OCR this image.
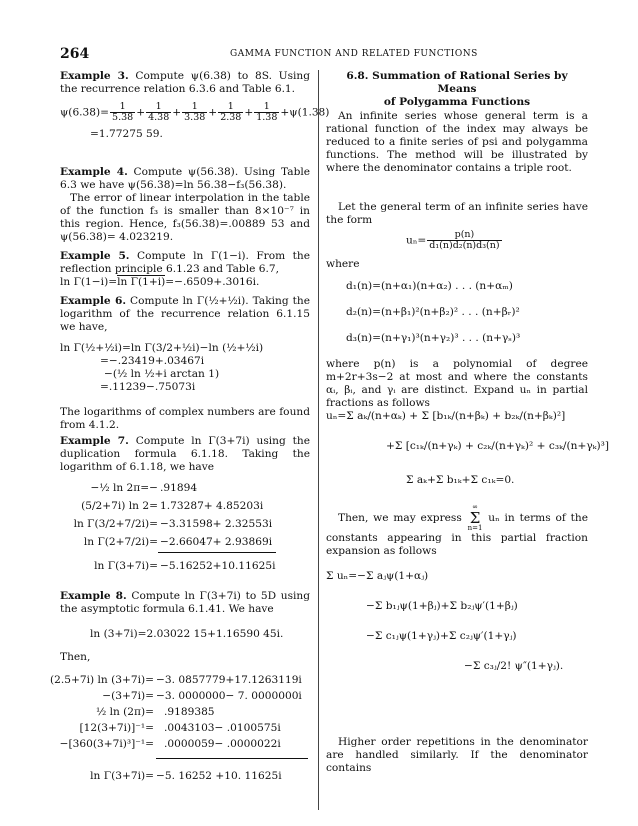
264	GAMMA FUNCTION AND RELATED FUNCTIONS
Example 3. Compute ψ(6.38) to 8S. Using the recurrence relation 6.3.6 and Table 6.1.
$\psi(6.38)= \frac{1}{5.38} + \frac{1}{4.38} + \frac{1}{3.38} + \frac{1}{2.38} + \frac{1}{1.38} +\psi(1.38)$
=1.77275 59.
Example 4. Compute ψ(56.38). Using Table 6.3 we have ψ(56.38)=ln 56.38−f₃(56.38).
The error of linear interpolation in the table of the function f₃ is smaller than 8×10⁻⁷ in this region. Hence, f₃(56.38)=.00889 53 and ψ(56.38)= 4.023219.
Example 5. Compute ln Γ(1−i). From the reflection principle 6.1.23 and Table 6.7,
ln Γ(1−i)=ln Γ(1+i)=−.6509+.3016i.
Example 6. Compute ln Γ(½+½i). Taking the logarithm of the recurrence relation 6.1.15 we have,
ln Γ(½+½i)=ln Γ(3/2+½i)−ln (½+½i)
=−.23419+.03467i
−(½ ln ½+i arctan 1)
=.11239−.75073i
The logarithms of complex numbers are found from 4.1.2.
Example 7. Compute ln Γ(3+7i) using the duplication formula 6.1.18. Taking the logarithm of 6.1.18, we have
−½ ln 2π=− .91894
(5/2+7i) ln 2= 1.73287+ 4.85203i
ln Γ(3/2+7/2i)= −3.31598+ 2.32553i
ln Γ(2+7/2i)= −2.66047+ 2.93869i
ln Γ(3+7i)= −5.16252+10.11625i
Example 8. Compute ln Γ(3+7i) to 5D using the asymptotic formula 6.1.41. We have
ln (3+7i)=2.03022 15+1.16590 45i.
Then,
(2.5+7i) ln (3+7i)= −3. 0857779+17.1263119i
−(3+7i)= −3. 0000000− 7. 0000000i
½ ln (2π)= .9189385
[12(3+7i)]⁻¹= .0043103− .0100575i
−[360(3+7i)³]⁻¹= .0000059− .0000022i
ln Γ(3+7i)= −5. 16252 +10. 11625i
6.8. Summation of Rational Series by Means
of Polygamma Functions
An infinite series whose general term is a rational function of the index may always be reduced to a finite series of psi and polygamma functions. The method will be illustrated by where the denominator contains a triple root.
Let the general term of an infinite series have the form
$u_n= \frac{p(n)}{\text{d₁(n)d₂(n)d₃(n)}}$
where
d₁(n)=(n+α₁)(n+α₂) . . . (n+αₘ)
d₂(n)=(n+β₁)²(n+β₂)² . . . (n+βᵣ)²
d₃(n)=(n+γ₁)³(n+γ₂)³ . . . (n+γₛ)³
where p(n) is a polynomial of degree m+2r+3s−2 at most and where the constants αᵢ, βᵢ, and γᵢ are distinct. Expand uₙ in partial fractions as follows
uₙ=Σ aₖ/(n+αₖ) + Σ [b₁ₖ/(n+βₖ) + b₂ₖ/(n+βₖ)²]
+Σ [c₁ₖ/(n+γₖ) + c₂ₖ/(n+γₖ)² + c₃ₖ/(n+γₖ)³]
Σ aₖ+Σ b₁ₖ+Σ c₁ₖ=0.
Then, we may express ∞
Σ
n=1 uₙ in terms of the constants appearing in this partial fraction expansion as follows
Σ uₙ=−Σ aⱼψ(1+αⱼ)
−Σ b₁ⱼψ(1+βⱼ)+Σ b₂ⱼψ′(1+βⱼ)
−Σ c₁ⱼψ(1+γⱼ)+Σ c₂ⱼψ′(1+γⱼ)
−Σ c₃ⱼ/2! ψ″(1+γⱼ).
Higher order repetitions in the denominator are handled similarly. If the denominator contains
